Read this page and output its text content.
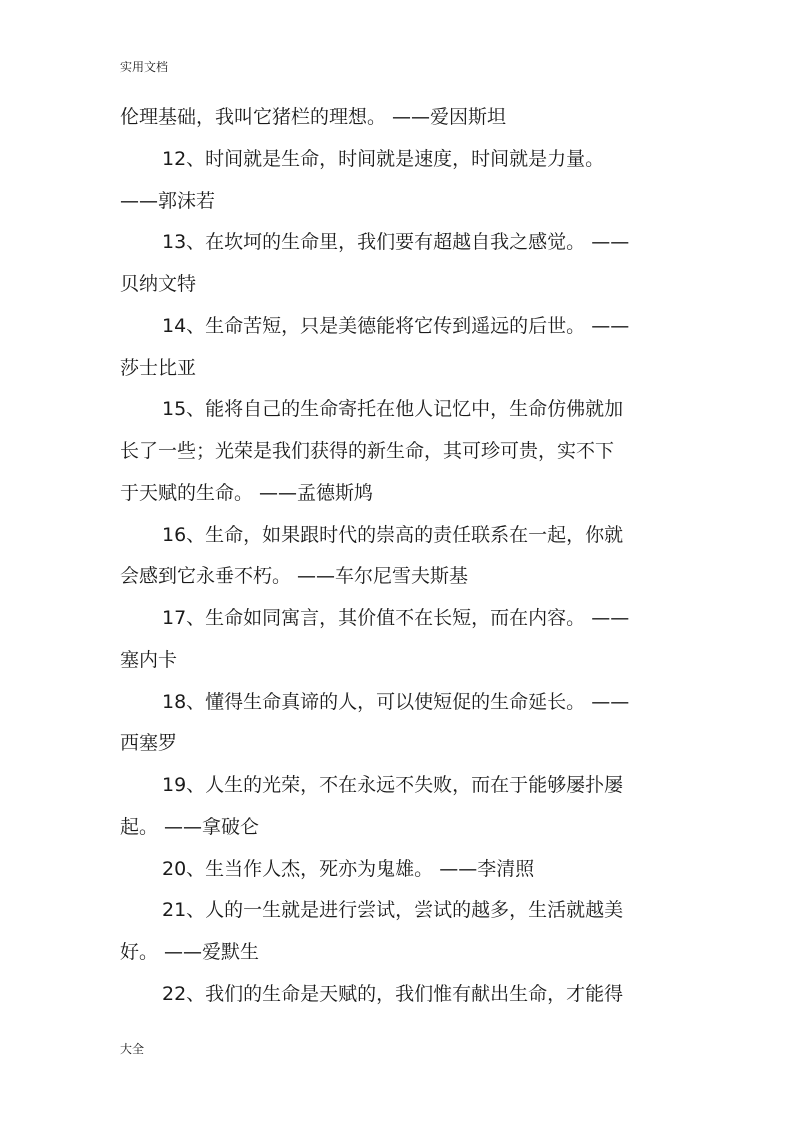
实用文档
伦理基础，我叫它猪栏的理想。 ——爱因斯坦
12、时间就是生命，时间就是速度，时间就是力量。
——郭沫若
13、在坎坷的生命里，我们要有超越自我之感觉。 ——
贝纳文特
14、生命苦短，只是美德能将它传到遥远的后世。 ——
莎士比亚
15、能将自己的生命寄托在他人记忆中，生命仿佛就加
长了一些；光荣是我们获得的新生命，其可珍可贵，实不下
于天赋的生命。 ——孟德斯鸠
16、生命，如果跟时代的崇高的责任联系在一起，你就
会感到它永垂不朽。 ——车尔尼雪夫斯基
17、生命如同寓言，其价值不在长短，而在内容。 ——
塞内卡
18、懂得生命真谛的人，可以使短促的生命延长。 ——
西塞罗
19、人生的光荣，不在永远不失败，而在于能够屡扑屡
起。 ——拿破仑
20、生当作人杰，死亦为鬼雄。 ——李清照
21、人的一生就是进行尝试，尝试的越多，生活就越美
好。 ——爱默生
22、我们的生命是天赋的，我们惟有献出生命，才能得
大全
